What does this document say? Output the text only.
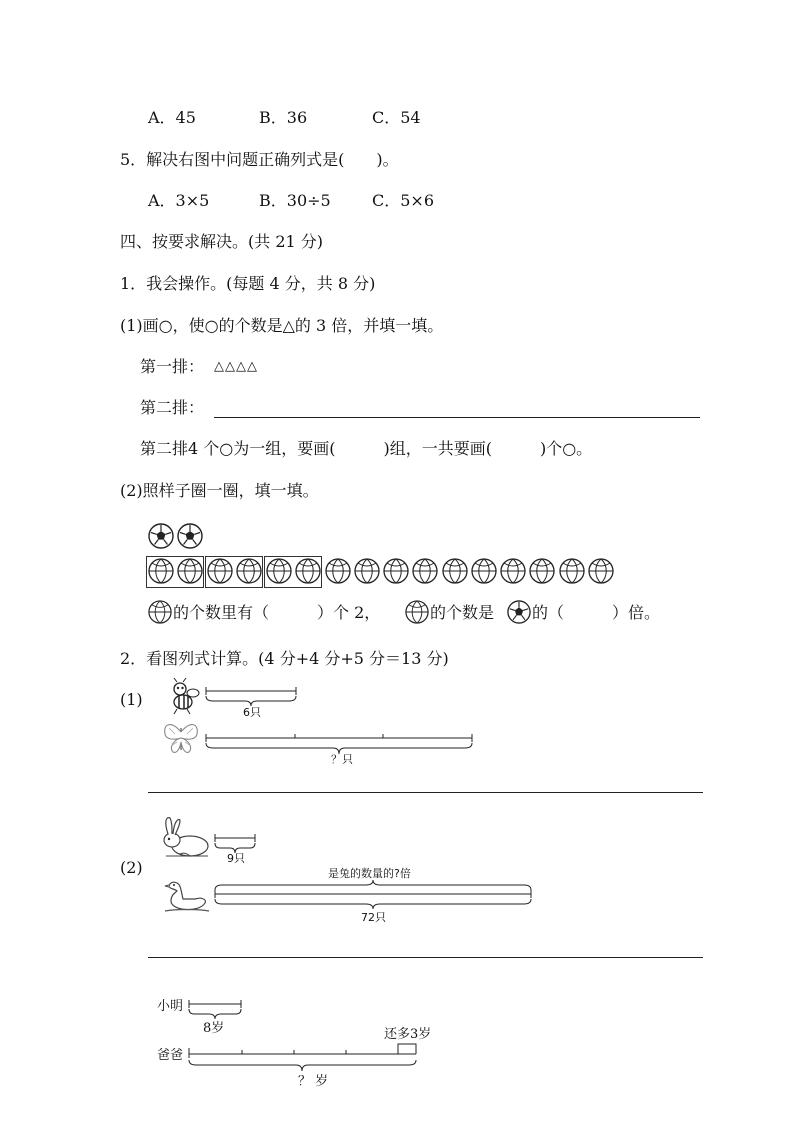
A．45	B．36	C．54
5．解决右图中问题正确列式是(　　)。
A．3×5	B．30÷5	C．5×6
四、按要求解决。(共 21 分)
1．我会操作。(每题 4 分，共 8 分)
(1)画○，使○的个数是△的 3 倍，并填一填。
第一排： △△△△
第二排：
第二排4 个○为一组，要画(　　　)组，一共要画(　　　)个○。
(2)照样子圈一圈，填一填。
的个数里有（　　　）个 2，	的个数是 的（　　　）倍。
2．看图列式计算。(4 分+4 分+5 分＝13 分)
(1)
6只
？只
(2)	9只
是兔的数量的?倍
72只
小明
8岁	还多3岁
爸爸
？ 岁
